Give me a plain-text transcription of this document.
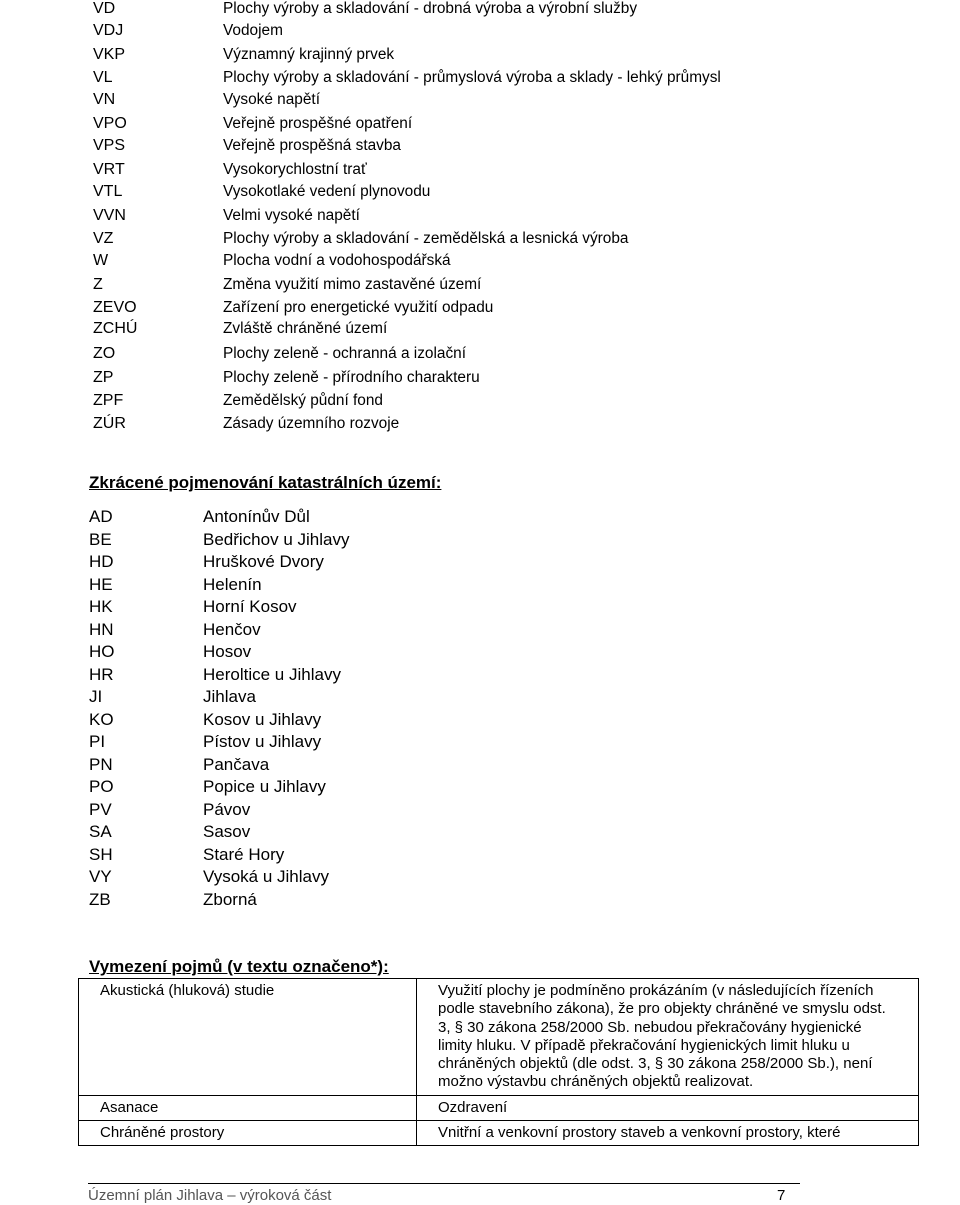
VD	Plochy výroby a skladování - drobná výroba a výrobní služby
VDJ	Vodojem
VKP	Významný krajinný prvek
VL	Plochy výroby a skladování - průmyslová výroba a sklady - lehký průmysl
VN	Vysoké napětí
VPO	Veřejně prospěšné opatření
VPS	Veřejně prospěšná stavba
VRT	Vysokorychlostní trať
VTL	Vysokotlaké vedení plynovodu
VVN	Velmi vysoké napětí
VZ	Plochy výroby a skladování - zemědělská a lesnická výroba
W	Plocha vodní a vodohospodářská
Z	Změna využití mimo zastavěné území
ZEVO	Zařízení pro energetické využití odpadu
ZCHÚ	Zvláště chráněné území
ZO	Plochy zeleně - ochranná a izolační
ZP	Plochy zeleně - přírodního charakteru
ZPF	Zemědělský půdní fond
ZÚR	Zásady územního rozvoje
Zkrácené pojmenování katastrálních území:
AD	Antonínův Důl
BE	Bedřichov u Jihlavy
HD	Hruškové Dvory
HE	Helenín
HK	Horní Kosov
HN	Henčov
HO	Hosov
HR	Heroltice u Jihlavy
JI	Jihlava
KO	Kosov u Jihlavy
PI	Pístov u Jihlavy
PN	Pančava
PO	Popice u Jihlavy
PV	Pávov
SA	Sasov
SH	Staré Hory
VY	Vysoká u Jihlavy
ZB	Zborná
Vymezení pojmů (v textu označeno*):
Akustická (hluková) studie	Využití plochy je podmíněno prokázáním (v následujících řízeních podle stavebního zákona), že pro objekty chráněné ve smyslu odst. 3, § 30 zákona 258/2000 Sb. nebudou překračovány hygienické limity hluku. V případě překračování hygienických limit hluku u chráněných objektů (dle odst. 3, § 30 zákona 258/2000 Sb.), není možno výstavbu chráněných objektů realizovat.
Asanace	Ozdravení
Chráněné prostory	Vnitřní a venkovní prostory staveb a venkovní prostory, které
Územní plán Jihlava – výroková část	7
